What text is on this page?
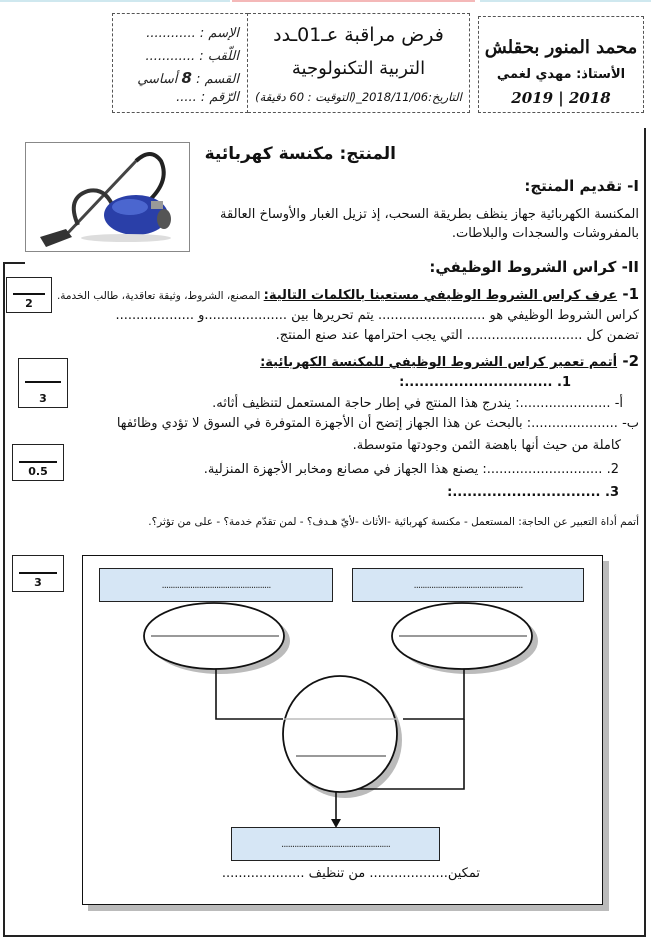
الإسم : ............
اللّقب : ............
القسم : 8 أساسي
الرّقم : .....
فرض مراقبة عـ01ـدد
التربية التكنولوجية
التاريخ:2018/11/06_(التوقيت : 60 دقيقة)
محمد المنور بحقلش
الأستاذ: مهدي لغمي
2019 | 2018
المنتج: مكنسة كهربائية
I- تقديم المنتج:
المكنسة الكهربائية جهاز ينظف بطريقة السحب، إذ تزيل الغبار والأوساخ العالقة
بالمفروشات والسجدات والبلاطات.
II- كراس الشروط الوظيفي:
2
1- عرف كراس الشروط الوظيفي مستعينا بالكلمات التالية: المصنع، الشروط، وثيقة تعاقدية، طالب الخدمة.
كراس الشروط الوظيفي هو .......................... يتم تحريرها بين ....................و ...................
تضمن كل ............................ التي يجب احترامها عند صنع المنتج.
3
2- أتمم تعمير كراس الشروط الوظيفي للمكنسة الكهربائية:
1. ..............................:
أ- ......................: يندرج هذا المنتج في إطار حاجة المستعمل لتنظيف أثاثه.
ب- .....................: بالبحث عن هذا الجهاز إتضح أن الأجهزة المتوفرة في السوق لا تؤدي وظائفها
كاملة من حيث أنها باهضة الثمن وجودتها متوسطة.
0.5	2. ............................: يصنع هذا الجهاز في مصانع ومخابر الأجهزة المنزلية.
3. ..............................:
أتمم أداة التعبير عن الحاجة: المستعمل - مكنسة كهربائية -الأثاث -لأيّ هـدف؟ - لمن تقدّم خدمة؟ - على من تؤثر؟.
3	..................................................	..................................................
..................................................
تمكين................... من تنظيف ....................
